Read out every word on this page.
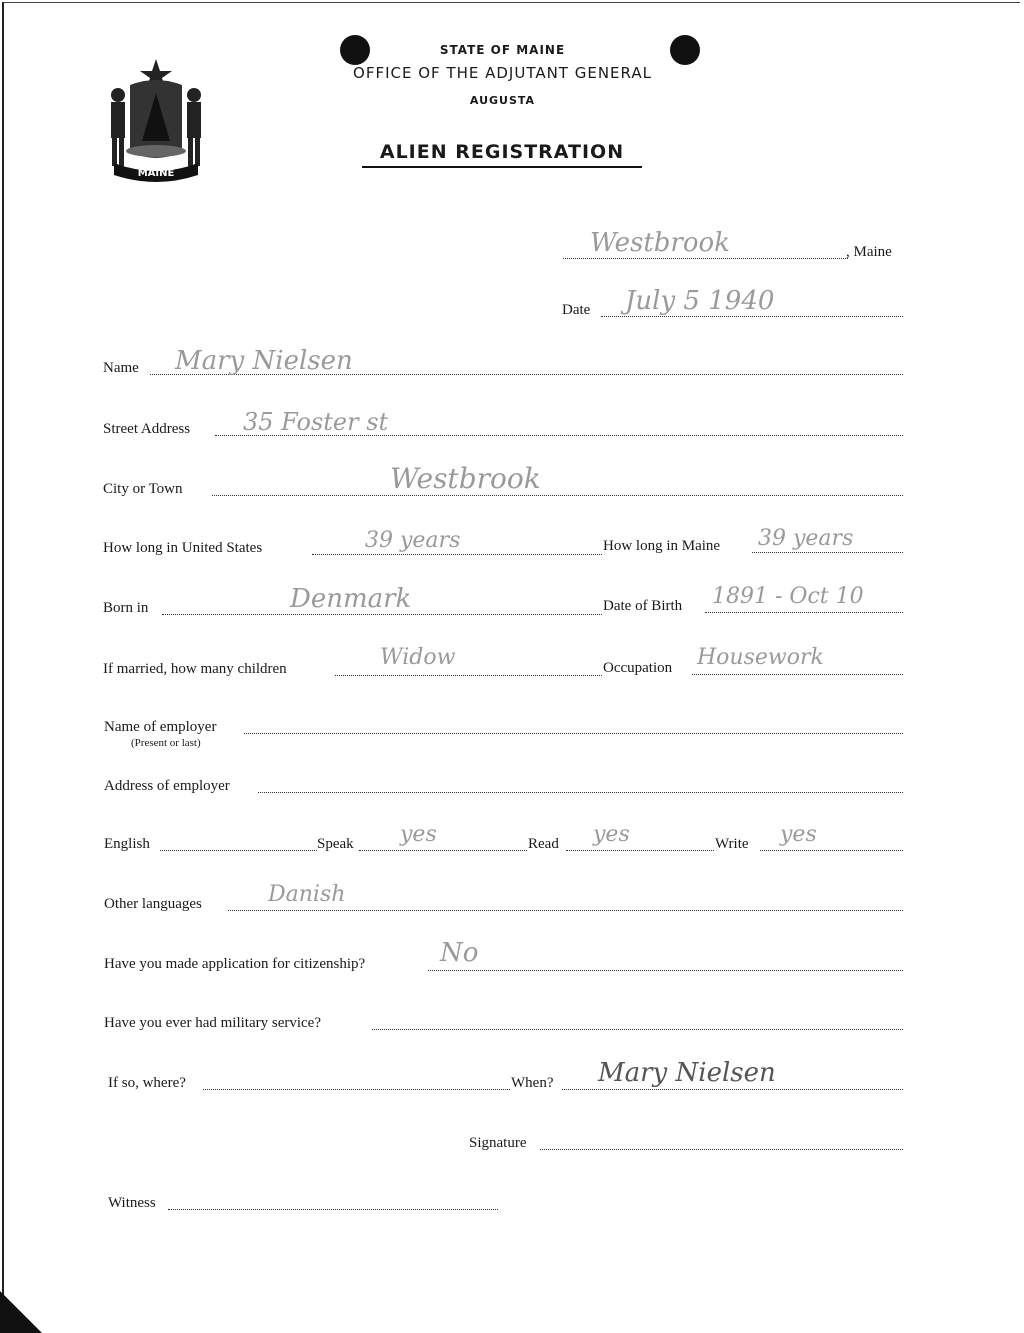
MAINE
STATE OF MAINE
OFFICE OF THE ADJUTANT GENERAL
AUGUSTA
ALIEN REGISTRATION
Westbrook	, Maine
Date July 5 1940
Name Mary Nielsen
Street Address 35 Foster st
City or Town	Westbrook
How long in United States	39 years	How long in Maine 39 years
Born in	Denmark	Date of Birth 1891 - Oct 10
If married, how many children	Widow	Occupation Housework
Name of employer
(Present or last)
Address of employer
English	Speak yes	Read yes	Write yes
Other languages	Danish
Have you made application for citizenship?	No
Have you ever had military service?
If so, where?	When? Mary Nielsen
Signature
Witness
